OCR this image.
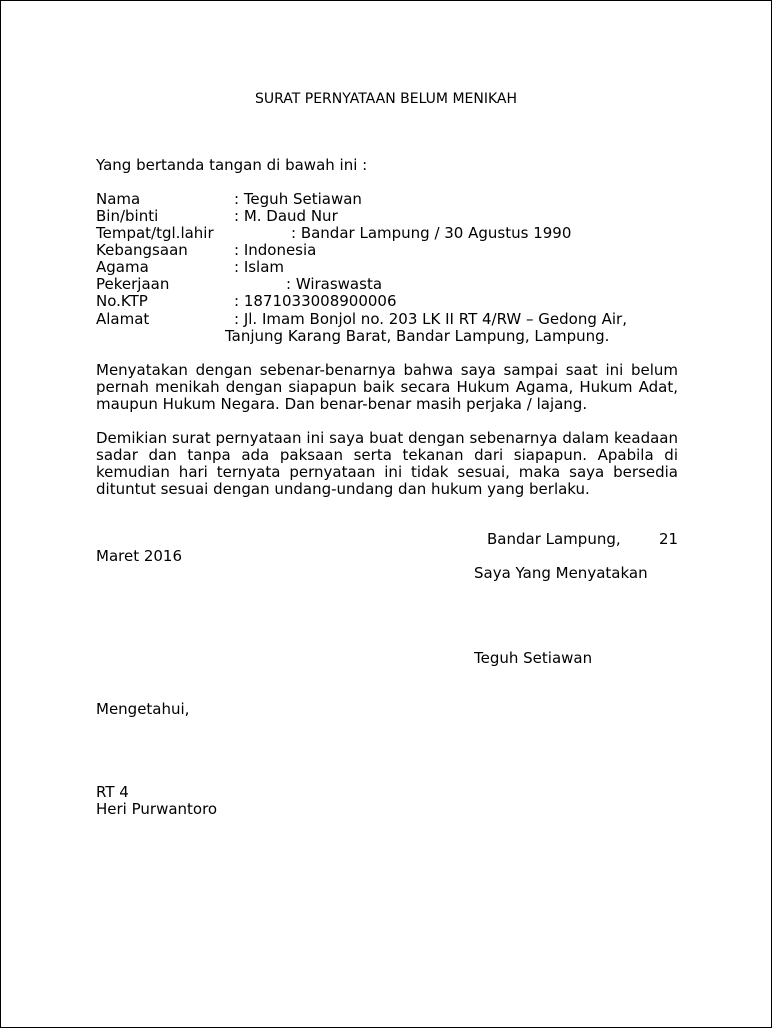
SURAT PERNYATAAN BELUM MENIKAH
Yang bertanda tangan di bawah ini :
Nama	: Teguh Setiawan
Bin/binti	: M. Daud Nur
Tempat/tgl.lahir	: Bandar Lampung / 30 Agustus 1990
Kebangsaan	: Indonesia
Agama	: Islam
Pekerjaan	: Wiraswasta
No.KTP	: 1871033008900006
Alamat	: Jl. Imam Bonjol no. 203 LK II RT 4/RW – Gedong Air,
Tanjung Karang Barat, Bandar Lampung, Lampung.
Menyatakan dengan sebenar-benarnya bahwa saya sampai saat ini belum pernah menikah dengan siapapun baik secara Hukum Agama, Hukum Adat, maupun Hukum Negara. Dan benar-benar masih perjaka / lajang.
Demikian surat pernyataan ini saya buat dengan sebenarnya dalam keadaan sadar dan tanpa ada paksaan serta tekanan dari siapapun. Apabila di kemudian hari ternyata pernyataan ini tidak sesuai, maka saya bersedia dituntut sesuai dengan undang-undang dan hukum yang berlaku.
Bandar Lampung,	21
Maret 2016
Saya Yang Menyatakan
Teguh Setiawan
Mengetahui,
RT 4
Heri Purwantoro
